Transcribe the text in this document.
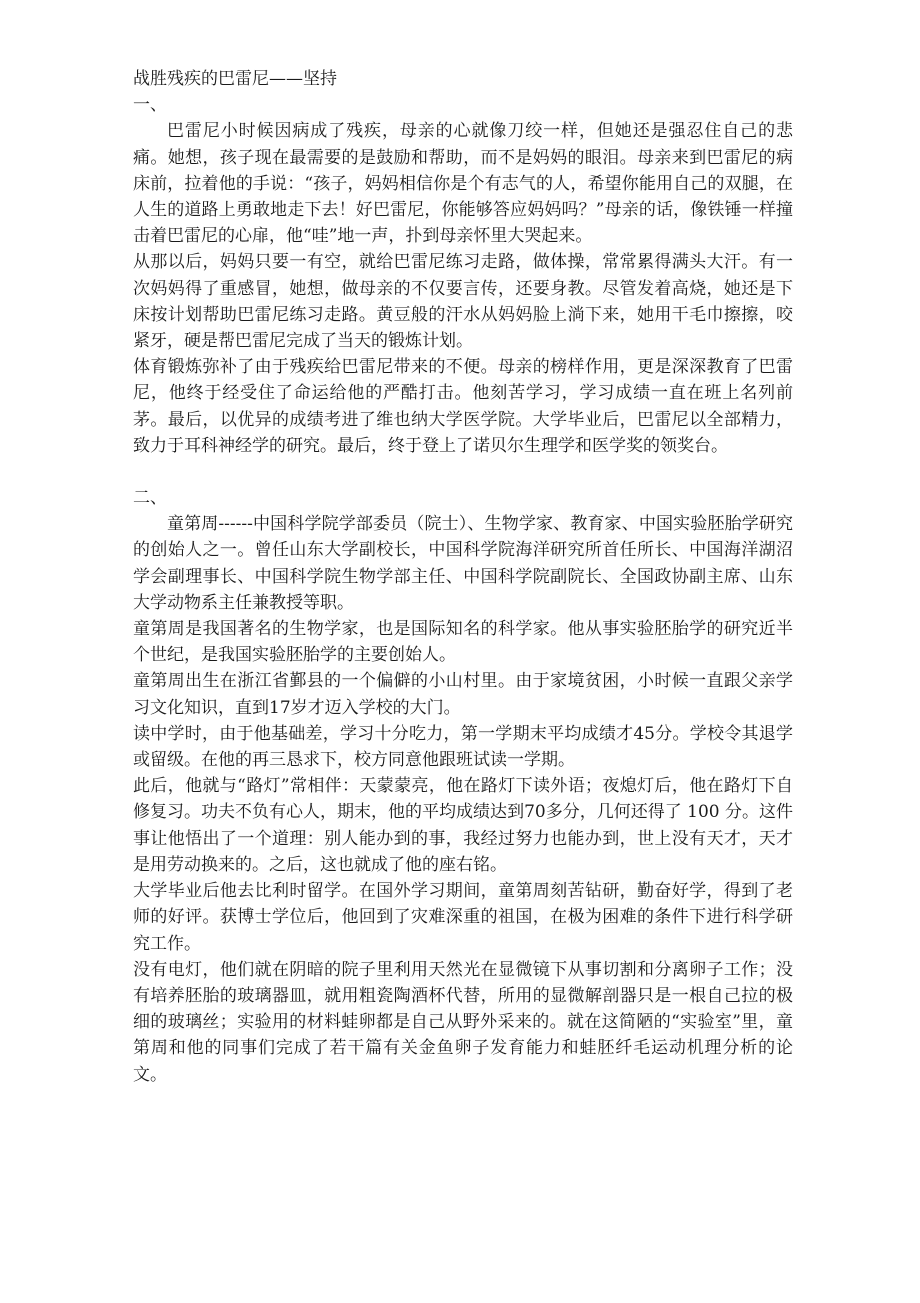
战胜残疾的巴雷尼——坚持
一、

巴雷尼小时候因病成了残疾，母亲的心就像刀绞一样，但她还是强忍住自己的悲痛。她想，孩子现在最需要的是鼓励和帮助，而不是妈妈的眼泪。母亲来到巴雷尼的病床前，拉着他的手说：“孩子，妈妈相信你是个有志气的人，希望你能用自己的双腿，在人生的道路上勇敢地走下去！好巴雷尼，你能够答应妈妈吗？”母亲的话，像铁锤一样撞击着巴雷尼的心扉，他“哇”地一声，扑到母亲怀里大哭起来。

从那以后，妈妈只要一有空，就给巴雷尼练习走路，做体操，常常累得满头大汗。有一次妈妈得了重感冒，她想，做母亲的不仅要言传，还要身教。尽管发着高烧，她还是下床按计划帮助巴雷尼练习走路。黄豆般的汗水从妈妈脸上淌下来，她用干毛巾擦擦，咬紧牙，硬是帮巴雷尼完成了当天的锻炼计划。

体育锻炼弥补了由于残疾给巴雷尼带来的不便。母亲的榜样作用，更是深深教育了巴雷尼，他终于经受住了命运给他的严酷打击。他刻苦学习，学习成绩一直在班上名列前茅。最后，以优异的成绩考进了维也纳大学医学院。大学毕业后，巴雷尼以全部精力，致力于耳科神经学的研究。最后，终于登上了诺贝尔生理学和医学奖的领奖台。

二、

童第周------中国科学院学部委员（院士）、生物学家、教育家、中国实验胚胎学研究的创始人之一。曾任山东大学副校长，中国科学院海洋研究所首任所长、中国海洋湖沼学会副理事长、中国科学院生物学部主任、中国科学院副院长、全国政协副主席、山东大学动物系主任兼教授等职。

童第周是我国著名的生物学家，也是国际知名的科学家。他从事实验胚胎学的研究近半个世纪，是我国实验胚胎学的主要创始人。

童第周出生在浙江省鄞县的一个偏僻的小山村里。由于家境贫困，小时候一直跟父亲学习文化知识，直到17岁才迈入学校的大门。

读中学时，由于他基础差，学习十分吃力，第一学期末平均成绩才45分。学校令其退学或留级。在他的再三恳求下，校方同意他跟班试读一学期。

此后，他就与“路灯”常相伴：天蒙蒙亮，他在路灯下读外语；夜熄灯后，他在路灯下自修复习。功夫不负有心人，期末，他的平均成绩达到70多分，几何还得了 100 分。这件事让他悟出了一个道理：别人能办到的事，我经过努力也能办到，世上没有天才，天才是用劳动换来的。之后，这也就成了他的座右铭。

大学毕业后他去比利时留学。在国外学习期间，童第周刻苦钻研，勤奋好学，得到了老师的好评。获博士学位后，他回到了灾难深重的祖国，在极为困难的条件下进行科学研究工作。

没有电灯，他们就在阴暗的院子里利用天然光在显微镜下从事切割和分离卵子工作；没有培养胚胎的玻璃器皿，就用粗瓷陶酒杯代替，所用的显微解剖器只是一根自己拉的极细的玻璃丝；实验用的材料蛙卵都是自己从野外采来的。就在这简陋的“实验室”里，童第周和他的同事们完成了若干篇有关金鱼卵子发育能力和蛙胚纤毛运动机理分析的论文。
